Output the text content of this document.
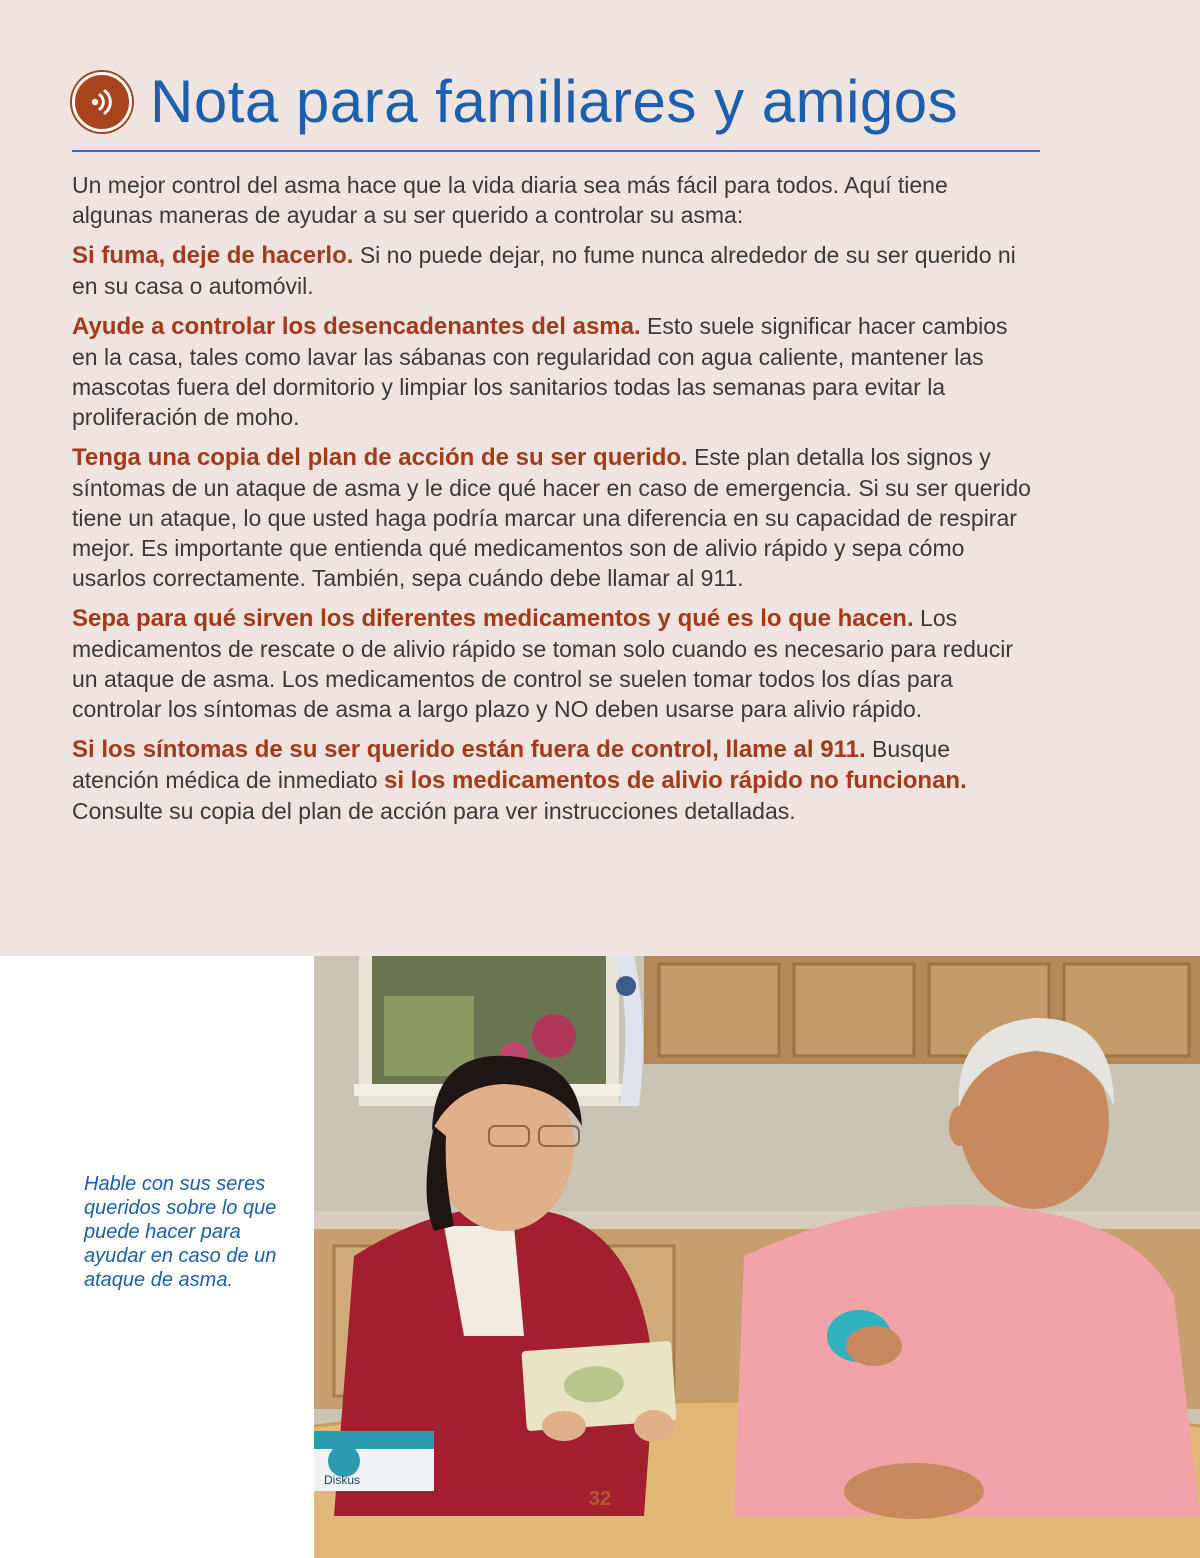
Nota para familiares y amigos

Un mejor control del asma hace que la vida diaria sea más fácil para todos. Aquí tiene algunas maneras de ayudar a su ser querido a controlar su asma:

Si fuma, deje de hacerlo. Si no puede dejar, no fume nunca alrededor de su ser querido ni en su casa o automóvil.

Ayude a controlar los desencadenantes del asma. Esto suele significar hacer cambios en la casa, tales como lavar las sábanas con regularidad con agua caliente, mantener las mascotas fuera del dormitorio y limpiar los sanitarios todas las semanas para evitar la proliferación de moho.

Tenga una copia del plan de acción de su ser querido. Este plan detalla los signos y síntomas de un ataque de asma y le dice qué hacer en caso de emergencia. Si su ser querido tiene un ataque, lo que usted haga podría marcar una diferencia en su capacidad de respirar mejor. Es importante que entienda qué medicamentos son de alivio rápido y sepa cómo usarlos correctamente. También, sepa cuándo debe llamar al 911.

Sepa para qué sirven los diferentes medicamentos y qué es lo que hacen. Los medicamentos de rescate o de alivio rápido se toman solo cuando es necesario para reducir un ataque de asma. Los medicamentos de control se suelen tomar todos los días para controlar los síntomas de asma a largo plazo y NO deben usarse para alivio rápido.

Si los síntomas de su ser querido están fuera de control, llame al 911. Busque atención médica de inmediato si los medicamentos de alivio rápido no funcionan. Consulte su copia del plan de acción para ver instrucciones detalladas.

Hable con sus seres queridos sobre lo que puede hacer para ayudar en caso de un ataque de asma.
Diskus
32
